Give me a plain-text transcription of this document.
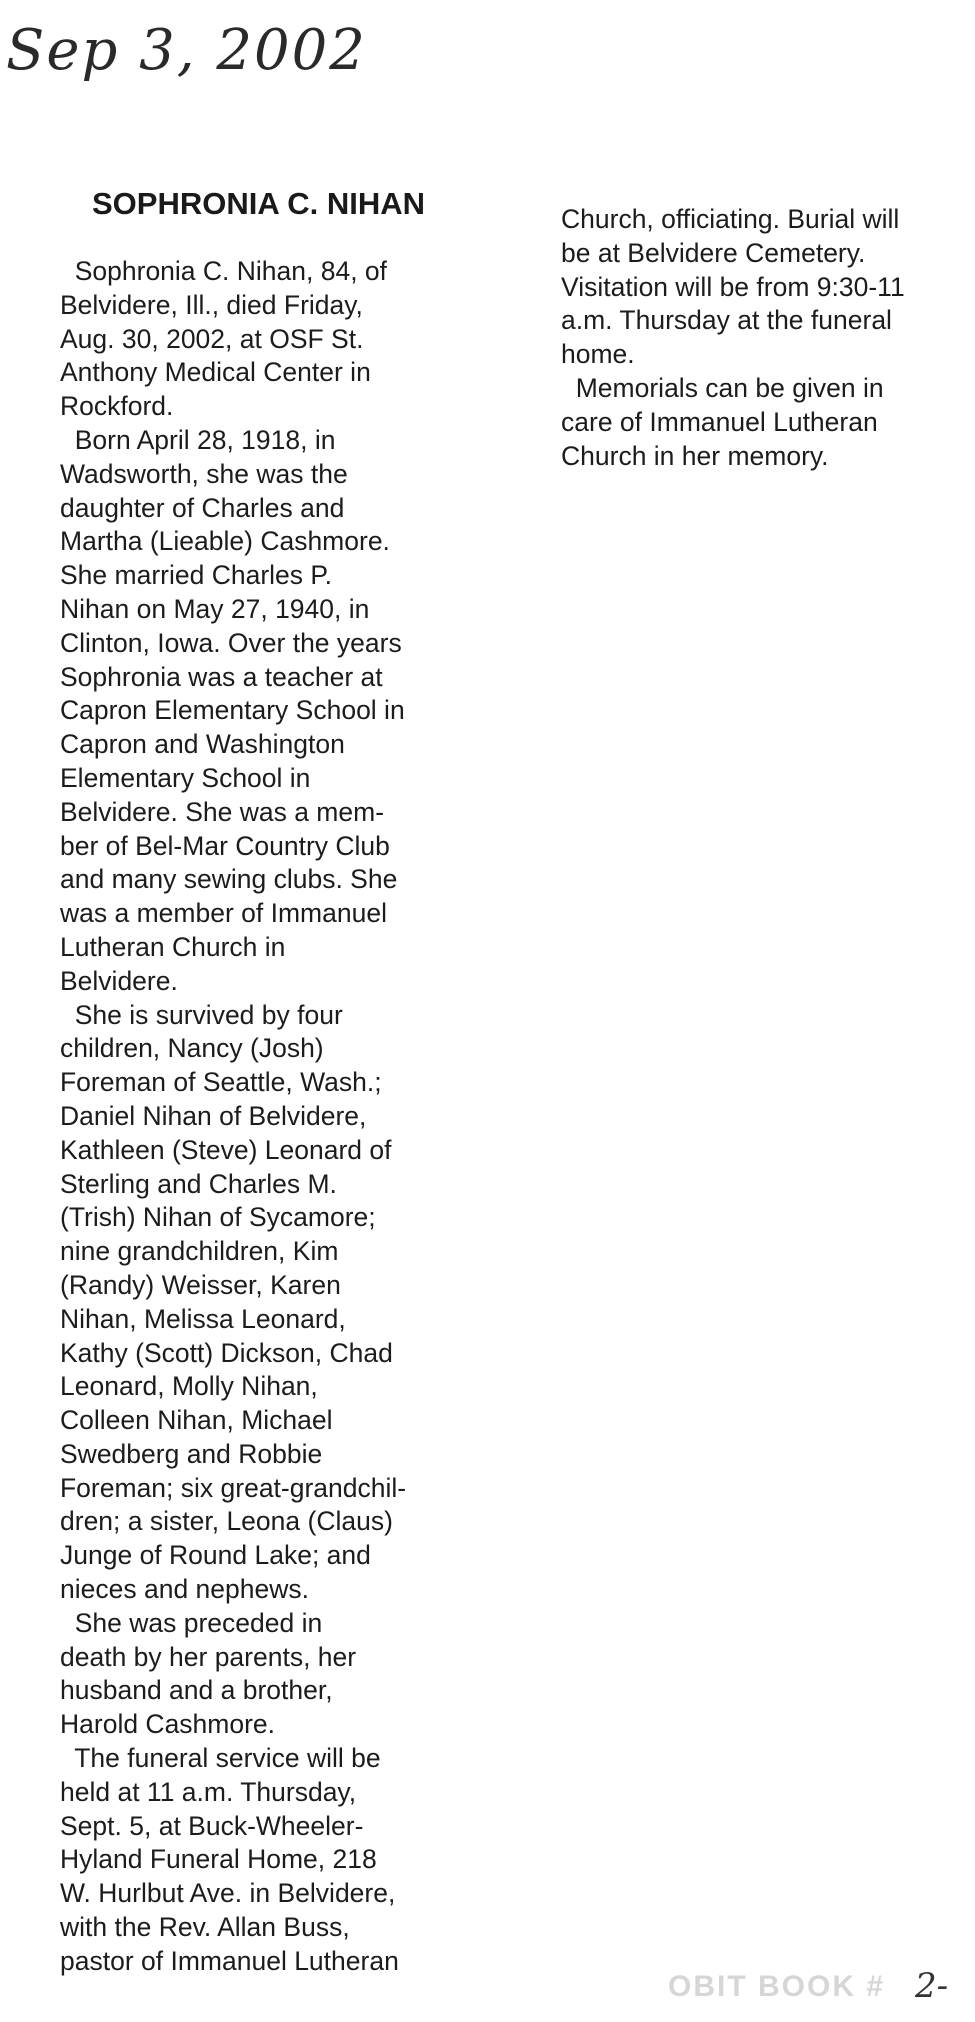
Sep 3, 2002
SOPHRONIA C. NIHAN
Sophronia C. Nihan, 84, of
Belvidere, Ill., died Friday,
Aug. 30, 2002, at OSF St.
Anthony Medical Center in
Rockford.
Born April 28, 1918, in
Wadsworth, she was the
daughter of Charles and
Martha (Lieable) Cashmore.
She married Charles P.
Nihan on May 27, 1940, in
Clinton, Iowa. Over the years
Sophronia was a teacher at
Capron Elementary School in
Capron and Washington
Elementary School in
Belvidere. She was a mem-
ber of Bel-Mar Country Club
and many sewing clubs. She
was a member of Immanuel
Lutheran Church in
Belvidere.
She is survived by four
children, Nancy (Josh)
Foreman of Seattle, Wash.;
Daniel Nihan of Belvidere,
Kathleen (Steve) Leonard of
Sterling and Charles M.
(Trish) Nihan of Sycamore;
nine grandchildren, Kim
(Randy) Weisser, Karen
Nihan, Melissa Leonard,
Kathy (Scott) Dickson, Chad
Leonard, Molly Nihan,
Colleen Nihan, Michael
Swedberg and Robbie
Foreman; six great-grandchil-
dren; a sister, Leona (Claus)
Junge of Round Lake; and
nieces and nephews.
She was preceded in
death by her parents, her
husband and a brother,
Harold Cashmore.
The funeral service will be
held at 11 a.m. Thursday,
Sept. 5, at Buck-Wheeler-
Hyland Funeral Home, 218
W. Hurlbut Ave. in Belvidere,
with the Rev. Allan Buss,
pastor of Immanuel Lutheran
Church, officiating. Burial will
be at Belvidere Cemetery.
Visitation will be from 9:30-11
a.m. Thursday at the funeral
home.
Memorials can be given in
care of Immanuel Lutheran
Church in her memory.
OBIT BOOK # 2-
